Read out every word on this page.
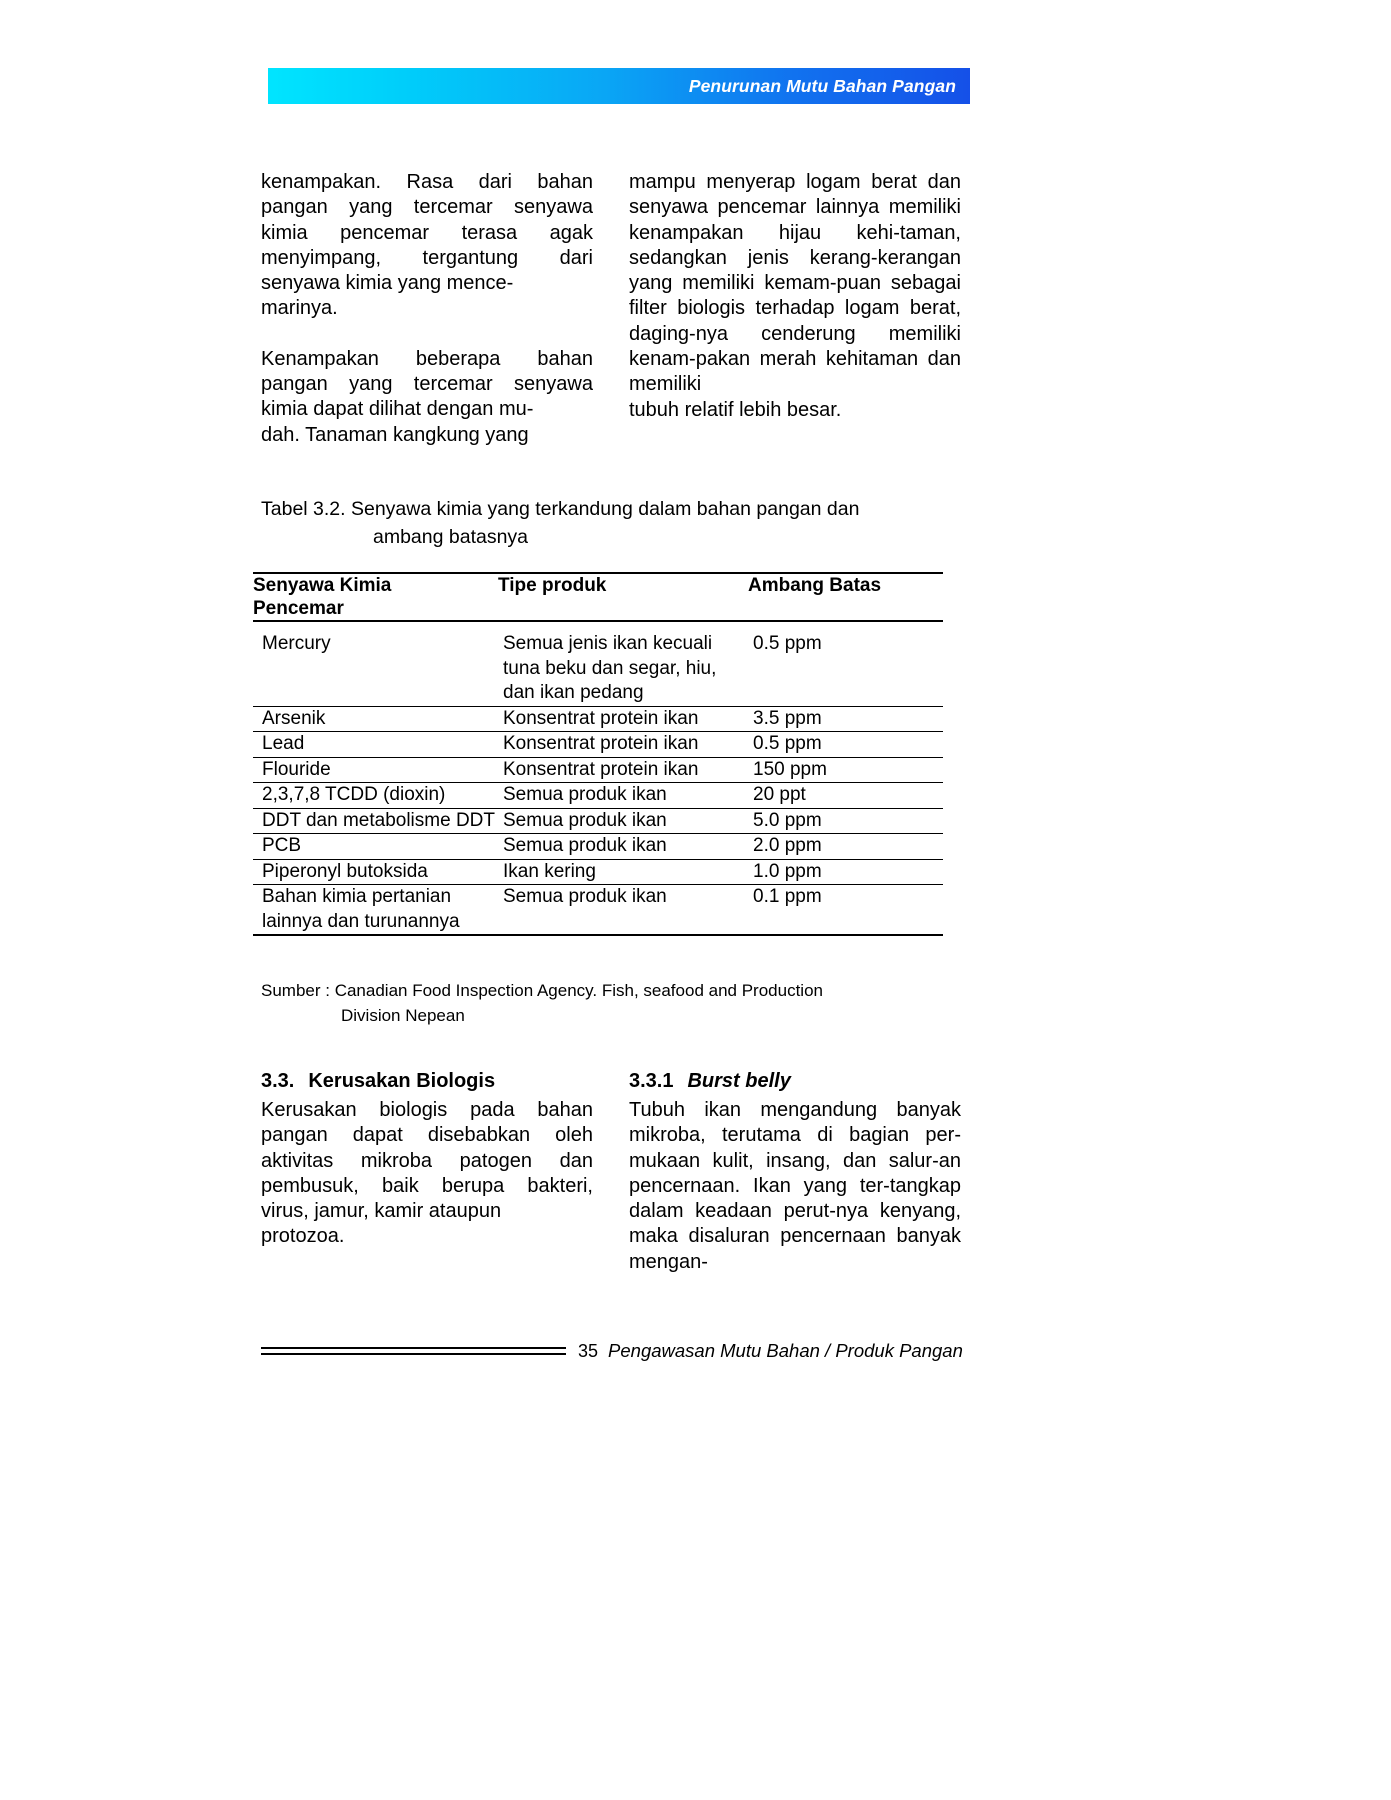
Penurunan Mutu Bahan Pangan

kenampakan. Rasa dari bahan pangan yang tercemar senyawa kimia pencemar terasa agak menyimpang, tergantung dari senyawa kimia yang mence-
marinya.

Kenampakan beberapa bahan pangan yang tercemar senyawa kimia dapat dilihat dengan mu-
dah. Tanaman kangkung yang

mampu menyerap logam berat dan senyawa pencemar lainnya memiliki kenampakan hijau kehi-taman, sedangkan jenis kerang-kerangan yang memiliki kemam-puan sebagai filter biologis terhadap logam berat, daging-nya cenderung memiliki kenam-pakan merah kehitaman dan memiliki
tubuh relatif lebih besar.

Tabel 3.2. Senyawa kimia yang terkandung dalam bahan pangan dan
ambang batasnya
Senyawa Kimia
Pencemar	Tipe produk	Ambang Batas
Mercury	Semua jenis ikan kecuali tuna beku dan segar, hiu, dan ikan pedang	0.5 ppm
Arsenik	Konsentrat protein ikan	3.5 ppm
Lead	Konsentrat protein ikan	0.5 ppm
Flouride	Konsentrat protein ikan	150 ppm
2,3,7,8 TCDD (dioxin)	Semua produk ikan	20 ppt
DDT dan metabolisme DDT	Semua produk ikan	5.0 ppm
PCB	Semua produk ikan	2.0 ppm
Piperonyl butoksida	Ikan kering	1.0 ppm
Bahan kimia pertanian lainnya dan turunannya	Semua produk ikan	0.1 ppm
Sumber : Canadian Food Inspection Agency. Fish, seafood and Production
Division Nepean
3.3. Kerusakan Biologis

Kerusakan biologis pada bahan pangan dapat disebabkan oleh aktivitas mikroba patogen dan pembusuk, baik berupa bakteri, virus, jamur, kamir ataupun
protozoa.

3.3.1 Burst belly

Tubuh ikan mengandung banyak mikroba, terutama di bagian per-mukaan kulit, insang, dan salur-an pencernaan. Ikan yang ter-tangkap dalam keadaan perut-nya kenyang, maka disaluran pencernaan banyak mengan-

35 Pengawasan Mutu Bahan / Produk Pangan
